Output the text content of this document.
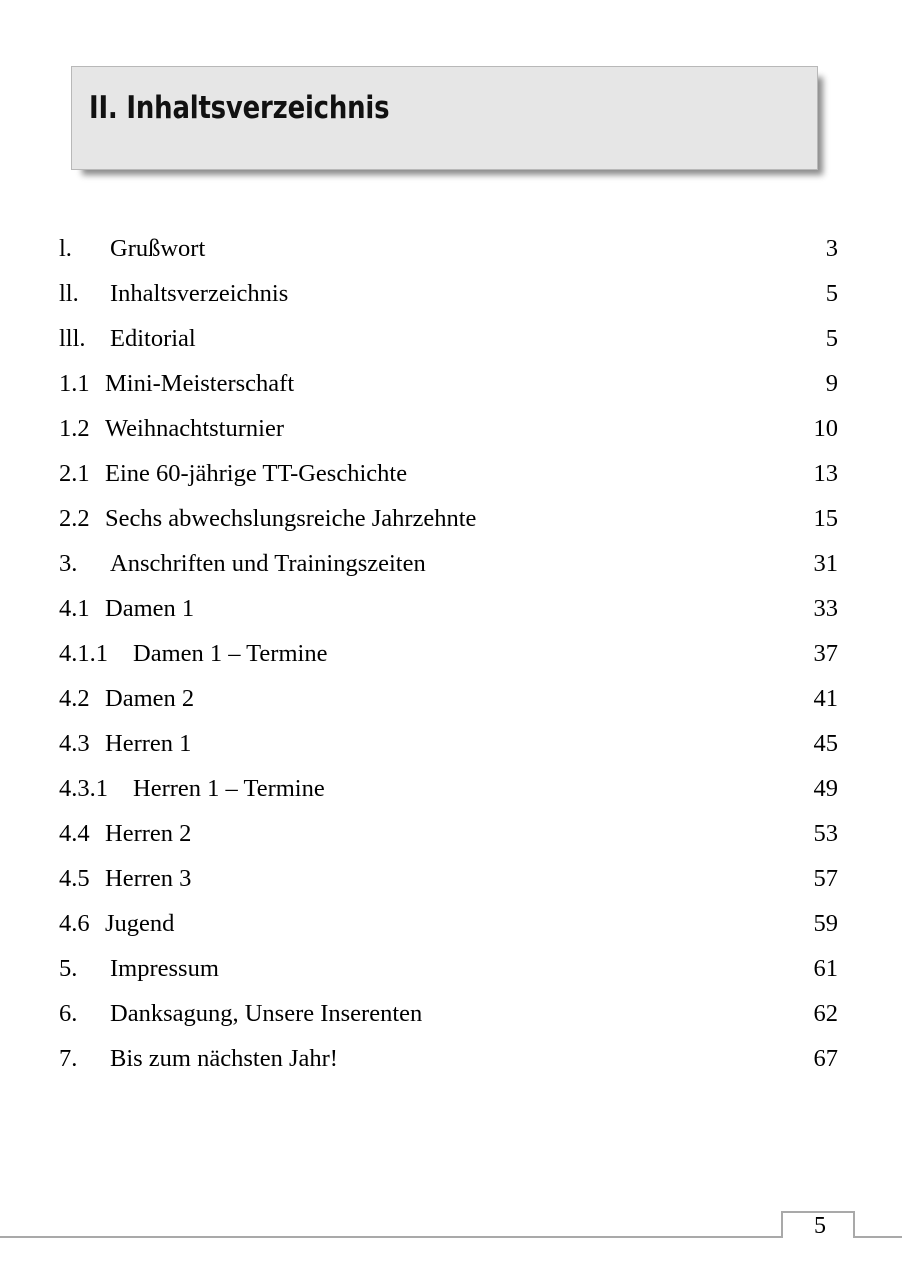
II. Inhaltsverzeichnis
l.	Grußwort .....	3
ll.	Inhaltsverzeichnis .....	5
lll. Editorial .....	5
1.1 Mini-Meisterschaft .....	9
1.2 Weihnachtsturnier .....	10
2.1 Eine 60-jährige TT-Geschichte .....	13
2.2 Sechs abwechslungsreiche Jahrzehnte .....	15
3.	Anschriften und Trainingszeiten .....	31
4.1 Damen 1 .....	33
4.1.1	Damen 1 – Termine .....	37
4.2 Damen 2 .....	41
4.3 Herren 1 .....	45
4.3.1	Herren 1 – Termine .....	49
4.4 Herren 2 .....	53
4.5 Herren 3 .....	57
4.6 Jugend .....	59
5.	Impressum .....	61
6.	Danksagung, Unsere Inserenten .....	62
7.	Bis zum nächsten Jahr! .....	67
5
